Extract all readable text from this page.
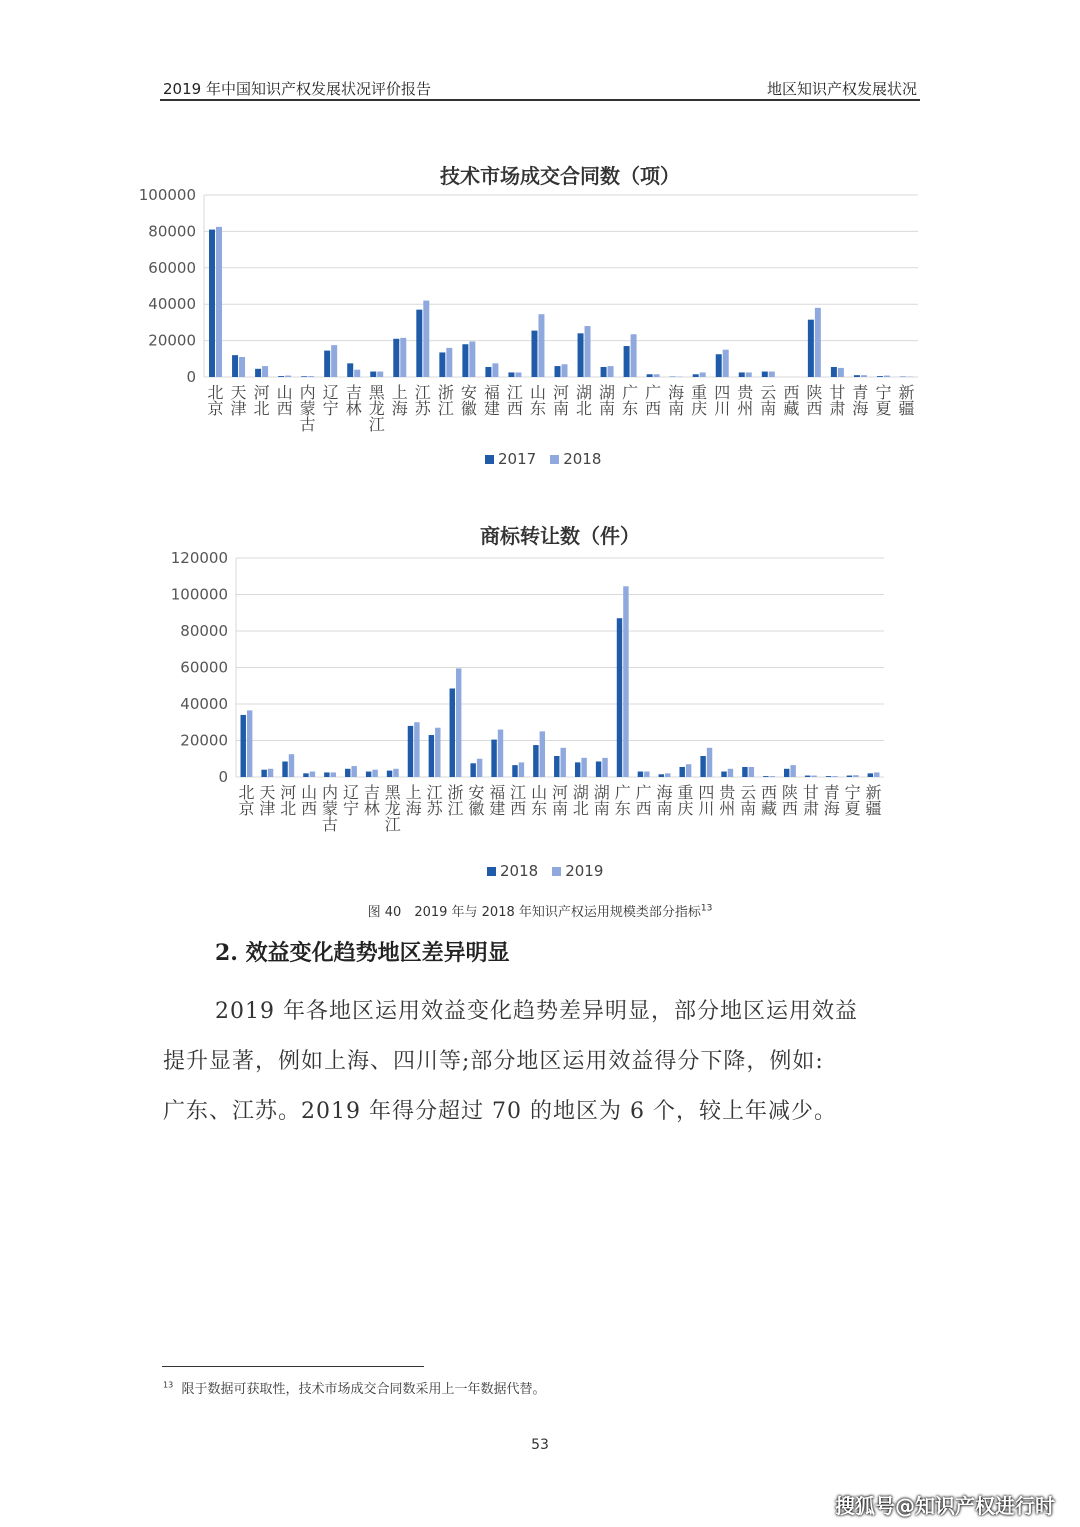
2019 年中国知识产权发展状况评价报告	地区知识产权发展状况
技术市场成交合同数（项）
100000
80000
60000
40000
20000
0
北
京
天
津
河
北
山
西
内
蒙
古
辽
宁
吉
林
黑
龙
江
上
海
江
苏
浙
江
安
徽
福
建
江
西
山
东
河
南
湖
北
湖
南
广
东
广
西
海
南
重
庆
四
川
贵
州
云
南
西
藏
陕
西
甘
肃
青
海
宁
夏
新
疆
2017	2018
商标转让数（件）
120000
100000
80000
60000
40000
20000
0
北
京
天
津
河
北
山
西
内
蒙
古
辽
宁
吉
林
黑
龙
江
上
海
江
苏
浙
江
安
徽
福
建
江
西
山
东
河
南
湖
北
湖
南
广
东
广
西
海
南
重
庆
四
川
贵
州
云
南
西
藏
陕
西
甘
肃
青
海
宁
夏
新
疆
2018	2019
图 40　2019 年与 2018 年知识产权运用规模类部分指标$^{13}$
2. 效益变化趋势地区差异明显
2019 年各地区运用效益变化趋势差异明显，部分地区运用效益
提升显著，例如上海、四川等;部分地区运用效益得分下降，例如:
广东、江苏。2019 年得分超过 70 的地区为 6 个，较上年减少。
$^{13}$ 限于数据可获取性，技术市场成交合同数采用上一年数据代替。
53
搜狐号@知识产权进行时
